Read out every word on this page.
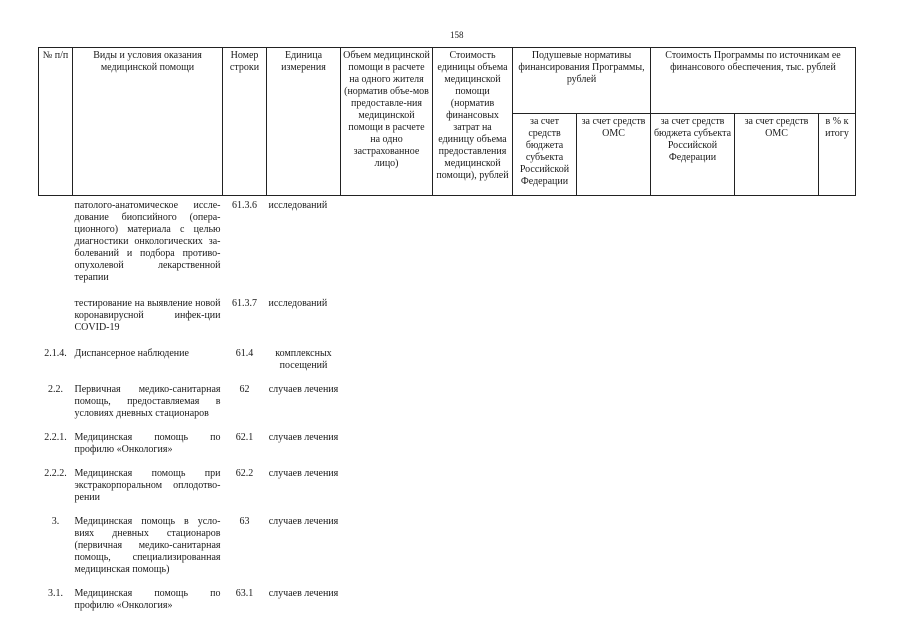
158
№ п/п	Виды и условия оказания медицинской помощи	Номер строки	Единица измерения	Объем медицинской помощи в расчете на одного жителя (норматив объе-мов предоставле-ния медицинской помощи в расчете на одно застрахованное лицо)	Стоимость единицы объема медицинской помощи (норматив финансовых затрат на единицу объема предоставления медицинской помощи), рублей	Подушевые нормативы финансирования Программы, рублей		Стоимость Программы по источникам ее финансового обеспечения, тыс. рублей		
						за счет средств бюджета субъекта Российской Федерации	за счет средств ОМС	за счет средств бюджета субъекта Российской Федерации	за счет средств ОМС	в % к итогу

	патолого-анатомическое иссле-дование биопсийного (опера-ционного) материала с целью диагностики онкологических за-болеваний и подбора противо-опухолевой лекарственной терапии	61.3.6	исследований							
	тестирование на выявление новой коронавирусной инфек-ции COVID-19	61.3.7	исследований							
2.1.4.	Диспансерное наблюдение	61.4	комплексных посещений							
2.2.	Первичная медико-санитарная помощь, предоставляемая в условиях дневных стационаров	62	случаев лечения							
2.2.1.	Медицинская помощь по профилю «Онкология»	62.1	случаев лечения							
2.2.2.	Медицинская помощь при экстракорпоральном оплодотво-рении	62.2	случаев лечения							
3.	Медицинская помощь в усло-виях дневных стационаров (первичная медико-санитарная помощь, специализированная медицинская помощь)	63	случаев лечения							
3.1.	Медицинская помощь по профилю «Онкология»	63.1	случаев лечения							
